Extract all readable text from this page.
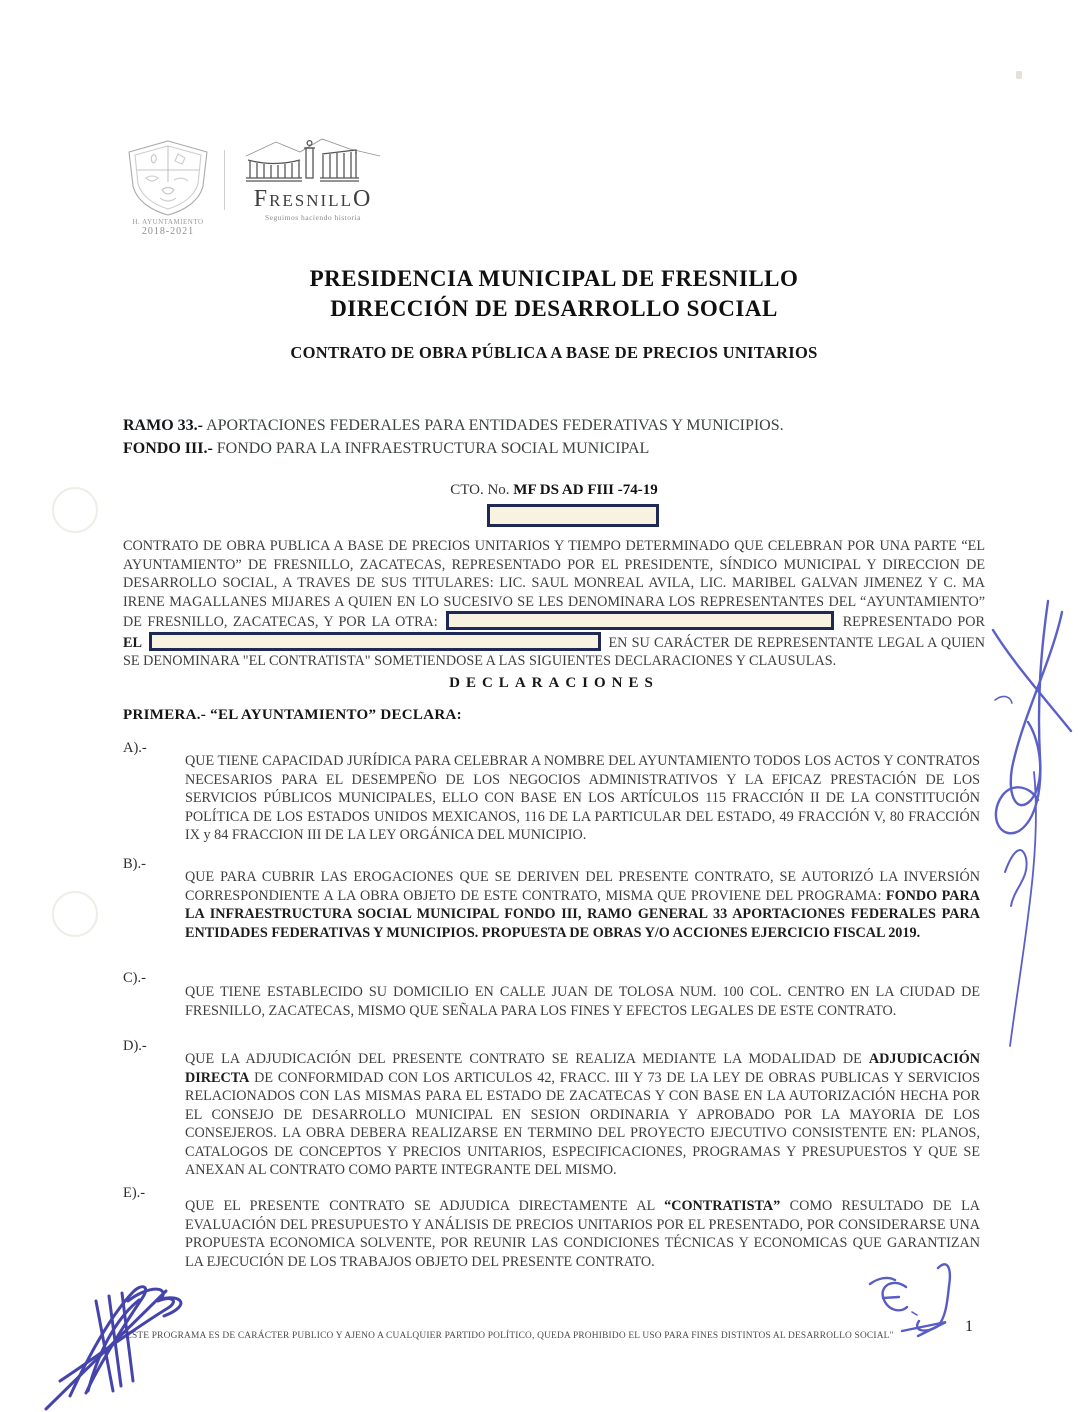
H. AYUNTAMIENTO
2018-2021
FRESNILLO
Seguimos haciendo historia
PRESIDENCIA MUNICIPAL DE FRESNILLO
DIRECCIÓN DE DESARROLLO SOCIAL
CONTRATO DE OBRA PÚBLICA A BASE DE PRECIOS UNITARIOS
RAMO 33.- APORTACIONES FEDERALES PARA ENTIDADES FEDERATIVAS Y MUNICIPIOS.
FONDO III.- FONDO PARA LA INFRAESTRUCTURA SOCIAL MUNICIPAL
CTO. No. MF DS AD FIII -74-19
CONTRATO DE OBRA PUBLICA A BASE DE PRECIOS UNITARIOS Y TIEMPO DETERMINADO QUE CELEBRAN POR UNA PARTE “EL AYUNTAMIENTO” DE FRESNILLO, ZACATECAS, REPRESENTADO POR EL PRESIDENTE, SÍNDICO MUNICIPAL Y DIRECCION DE DESARROLLO SOCIAL, A TRAVES DE SUS TITULARES: LIC. SAUL MONREAL AVILA, LIC. MARIBEL GALVAN JIMENEZ Y C. MA IRENE MAGALLANES MIJARES A QUIEN EN LO SUCESIVO SE LES DENOMINARA LOS REPRESENTANTES DEL “AYUNTAMIENTO” DE FRESNILLO, ZACATECAS, Y POR LA OTRA:	REPRESENTADO POR EL	EN SU CARÁCTER DE REPRESENTANTE LEGAL A QUIEN SE DENOMINARA "EL CONTRATISTA" SOMETIENDOSE A LAS SIGUIENTES DECLARACIONES Y CLAUSULAS.
DECLARACIONES
PRIMERA.- “EL AYUNTAMIENTO” DECLARA:
A).-
QUE TIENE CAPACIDAD JURÍDICA PARA CELEBRAR A NOMBRE DEL AYUNTAMIENTO TODOS LOS ACTOS Y CONTRATOS NECESARIOS PARA EL DESEMPEÑO DE LOS NEGOCIOS ADMINISTRATIVOS Y LA EFICAZ PRESTACIÓN DE LOS SERVICIOS PÚBLICOS MUNICIPALES, ELLO CON BASE EN LOS ARTÍCULOS 115 FRACCIÓN II DE LA CONSTITUCIÓN POLÍTICA DE LOS ESTADOS UNIDOS MEXICANOS, 116 DE LA PARTICULAR DEL ESTADO, 49 FRACCIÓN V, 80 FRACCIÓN IX y 84 FRACCION III DE LA LEY ORGÁNICA DEL MUNICIPIO.
B).-
QUE PARA CUBRIR LAS EROGACIONES QUE SE DERIVEN DEL PRESENTE CONTRATO, SE AUTORIZÓ LA INVERSIÓN CORRESPONDIENTE A LA OBRA OBJETO DE ESTE CONTRATO, MISMA QUE PROVIENE DEL PROGRAMA: FONDO PARA LA INFRAESTRUCTURA SOCIAL MUNICIPAL FONDO III, RAMO GENERAL 33 APORTACIONES FEDERALES PARA ENTIDADES FEDERATIVAS Y MUNICIPIOS. PROPUESTA DE OBRAS Y/O ACCIONES EJERCICIO FISCAL 2019.
C).-
QUE TIENE ESTABLECIDO SU DOMICILIO EN CALLE JUAN DE TOLOSA NUM. 100 COL. CENTRO EN LA CIUDAD DE FRESNILLO, ZACATECAS, MISMO QUE SEÑALA PARA LOS FINES Y EFECTOS LEGALES DE ESTE CONTRATO.
D).-
QUE LA ADJUDICACIÓN DEL PRESENTE CONTRATO SE REALIZA MEDIANTE LA MODALIDAD DE ADJUDICACIÓN DIRECTA DE CONFORMIDAD CON LOS ARTICULOS 42, FRACC. III Y 73 DE LA LEY DE OBRAS PUBLICAS Y SERVICIOS RELACIONADOS CON LAS MISMAS PARA EL ESTADO DE ZACATECAS Y CON BASE EN LA AUTORIZACIÓN HECHA POR EL CONSEJO DE DESARROLLO MUNICIPAL EN SESION ORDINARIA Y APROBADO POR LA MAYORIA DE LOS CONSEJEROS. LA OBRA DEBERA REALIZARSE EN TERMINO DEL PROYECTO EJECUTIVO CONSISTENTE EN: PLANOS, CATALOGOS DE CONCEPTOS Y PRECIOS UNITARIOS, ESPECIFICACIONES, PROGRAMAS Y PRESUPUESTOS Y QUE SE ANEXAN AL CONTRATO COMO PARTE INTEGRANTE DEL MISMO.
E).-
QUE EL PRESENTE CONTRATO SE ADJUDICA DIRECTAMENTE AL “CONTRATISTA” COMO RESULTADO DE LA EVALUACIÓN DEL PRESUPUESTO Y ANÁLISIS DE PRECIOS UNITARIOS POR EL PRESENTADO, POR CONSIDERARSE UNA PROPUESTA ECONOMICA SOLVENTE, POR REUNIR LAS CONDICIONES TÉCNICAS Y ECONOMICAS QUE GARANTIZAN LA EJECUCIÓN DE LOS TRABAJOS OBJETO DEL PRESENTE CONTRATO.
"ESTE PROGRAMA ES DE CARÁCTER PUBLICO Y AJENO A CUALQUIER PARTIDO POLÍTICO, QUEDA PROHIBIDO EL USO PARA FINES DISTINTOS AL DESARROLLO SOCIAL"
1
